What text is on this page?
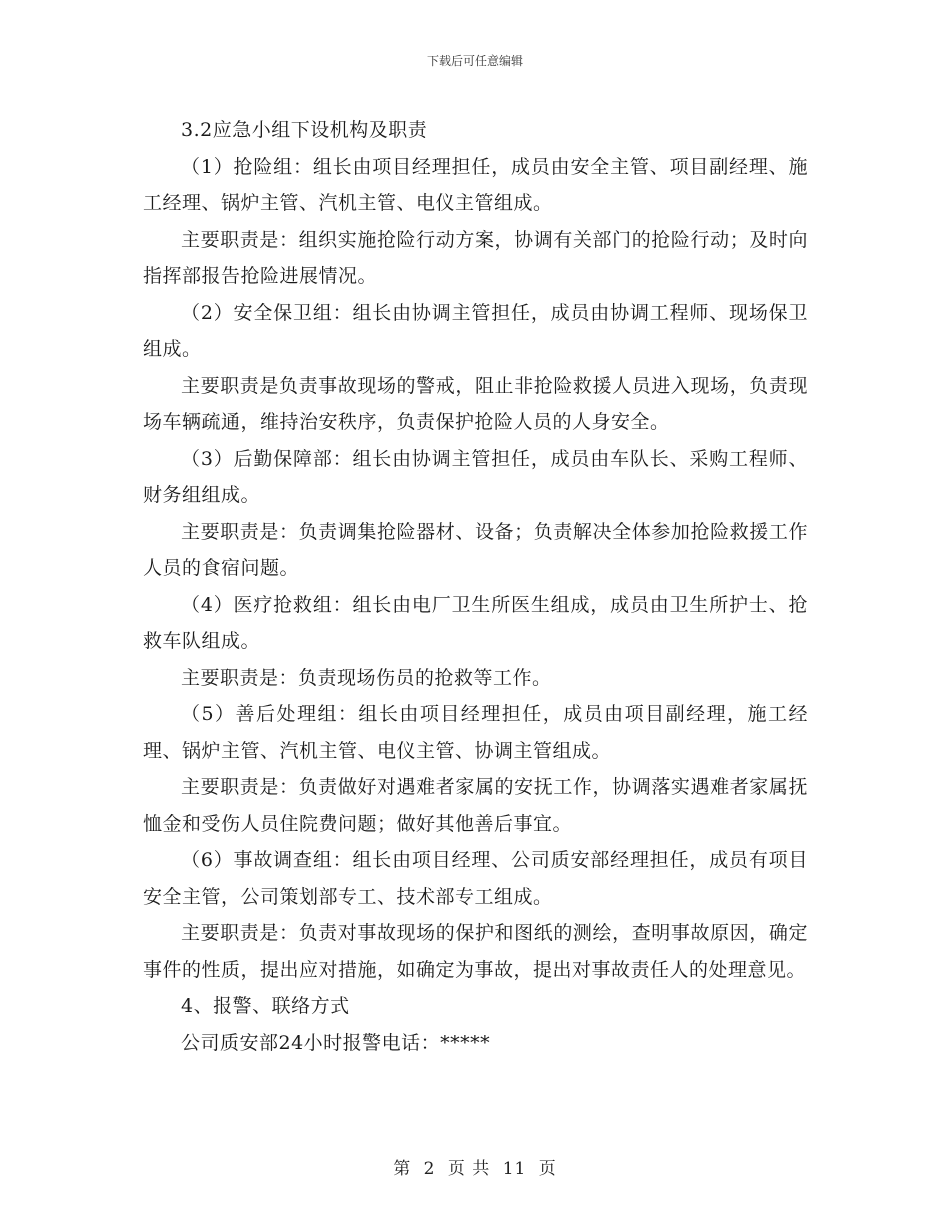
下载后可任意编辑

3.2应急小组下设机构及职责

（1）抢险组：组长由项目经理担任，成员由安全主管、项目副经理、施工经理、锅炉主管、汽机主管、电仪主管组成。

主要职责是：组织实施抢险行动方案，协调有关部门的抢险行动；及时向指挥部报告抢险进展情况。

（2）安全保卫组：组长由协调主管担任，成员由协调工程师、现场保卫组成。

主要职责是负责事故现场的警戒，阻止非抢险救援人员进入现场，负责现场车辆疏通，维持治安秩序，负责保护抢险人员的人身安全。

（3）后勤保障部：组长由协调主管担任，成员由车队长、采购工程师、财务组组成。

主要职责是：负责调集抢险器材、设备；负责解决全体参加抢险救援工作人员的食宿问题。

（4）医疗抢救组：组长由电厂卫生所医生组成，成员由卫生所护士、抢救车队组成。

主要职责是：负责现场伤员的抢救等工作。

（5）善后处理组：组长由项目经理担任，成员由项目副经理，施工经理、锅炉主管、汽机主管、电仪主管、协调主管组成。

主要职责是：负责做好对遇难者家属的安抚工作，协调落实遇难者家属抚恤金和受伤人员住院费问题；做好其他善后事宜。

（6）事故调查组：组长由项目经理、公司质安部经理担任，成员有项目安全主管，公司策划部专工、技术部专工组成。

主要职责是：负责对事故现场的保护和图纸的测绘，查明事故原因，确定事件的性质，提出应对措施，如确定为事故，提出对事故责任人的处理意见。

4、报警、联络方式

公司质安部24小时报警电话：*****

第 2 页 共 11 页
